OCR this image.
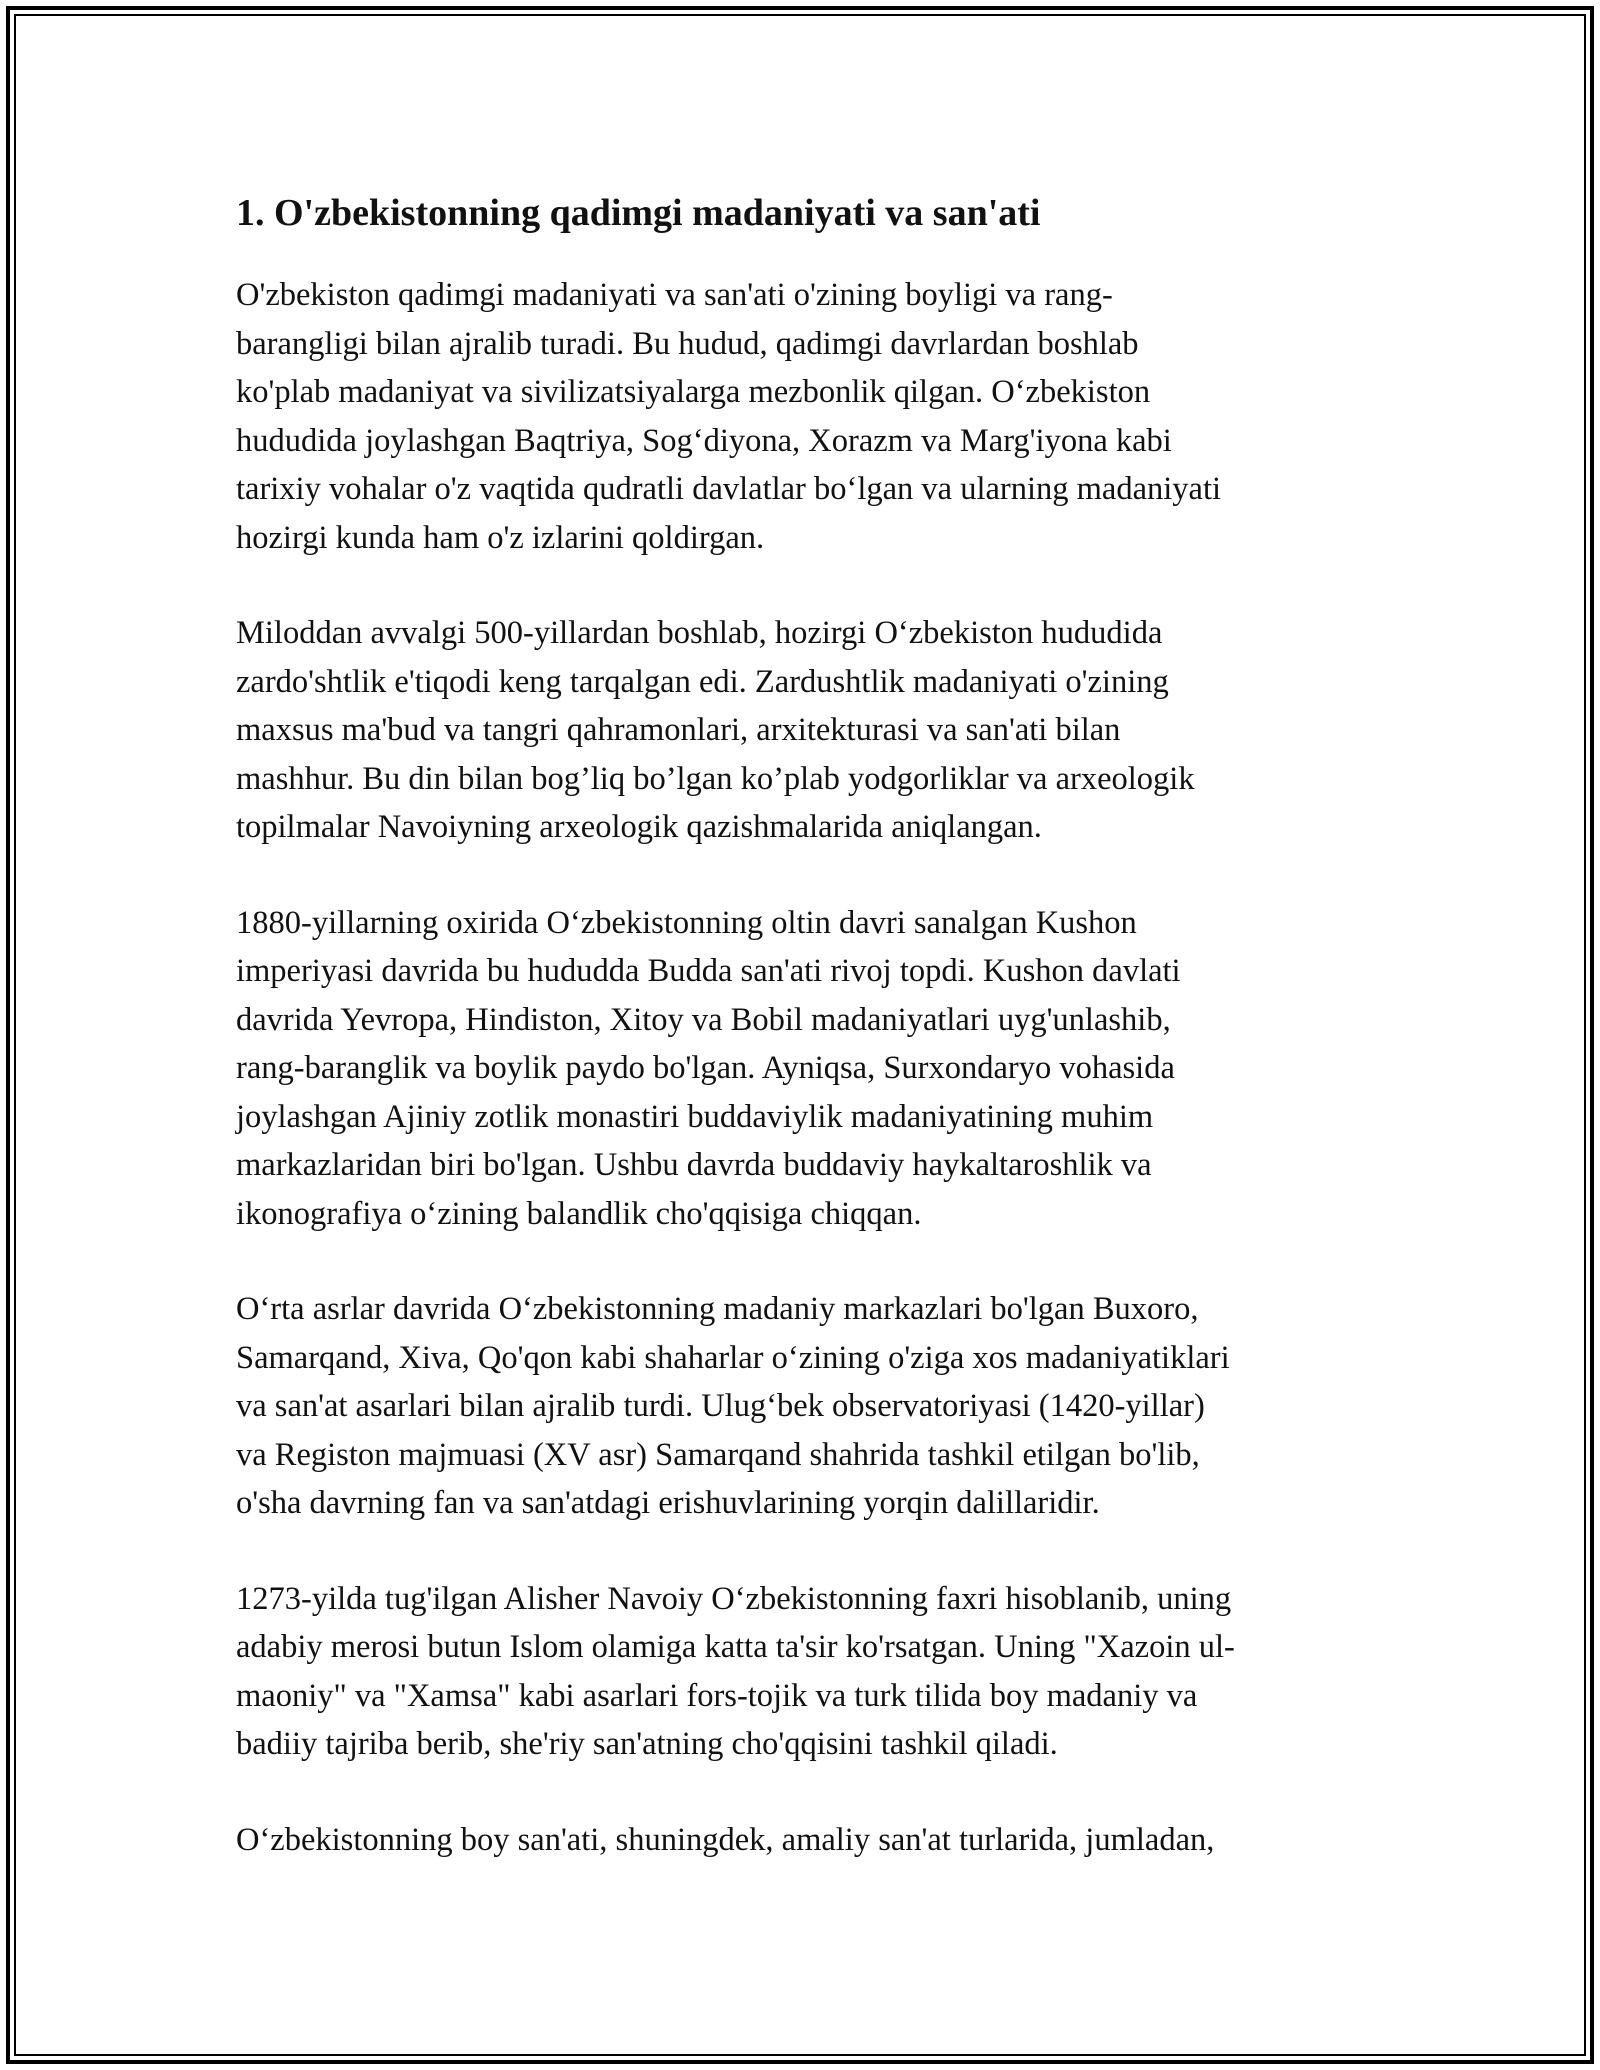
1. O'zbekistonning qadimgi madaniyati va san'ati

O'zbekiston qadimgi madaniyati va san'ati o'zining boyligi va rang-
barangligi bilan ajralib turadi. Bu hudud, qadimgi davrlardan boshlab
ko'plab madaniyat va sivilizatsiyalarga mezbonlik qilgan. O‘zbekiston
hududida joylashgan Baqtriya, Sog‘diyona, Xorazm va Marg'iyona kabi
tarixiy vohalar o'z vaqtida qudratli davlatlar bo‘lgan va ularning madaniyati
hozirgi kunda ham o'z izlarini qoldirgan.

Miloddan avvalgi 500-yillardan boshlab, hozirgi O‘zbekiston hududida
zardo'shtlik e'tiqodi keng tarqalgan edi. Zardushtlik madaniyati o'zining
maxsus ma'bud va tangri qahramonlari, arxitekturasi va san'ati bilan
mashhur. Bu din bilan bog’liq bo’lgan ko’plab yodgorliklar va arxeologik
topilmalar Navoiyning arxeologik qazishmalarida aniqlangan.

1880-yillarning oxirida O‘zbekistonning oltin davri sanalgan Kushon
imperiyasi davrida bu hududda Budda san'ati rivoj topdi. Kushon davlati
davrida Yevropa, Hindiston, Xitoy va Bobil madaniyatlari uyg'unlashib,
rang-baranglik va boylik paydo bo'lgan. Ayniqsa, Surxondaryo vohasida
joylashgan Ajiniy zotlik monastiri buddaviylik madaniyatining muhim
markazlaridan biri bo'lgan. Ushbu davrda buddaviy haykaltaroshlik va
ikonografiya o‘zining balandlik cho'qqisiga chiqqan.

O‘rta asrlar davrida O‘zbekistonning madaniy markazlari bo'lgan Buxoro,
Samarqand, Xiva, Qo'qon kabi shaharlar o‘zining o'ziga xos madaniyatiklari
va san'at asarlari bilan ajralib turdi. Ulug‘bek observatoriyasi (1420-yillar)
va Registon majmuasi (XV asr) Samarqand shahrida tashkil etilgan bo'lib,
o'sha davrning fan va san'atdagi erishuvlarining yorqin dalillaridir.

1273-yilda tug'ilgan Alisher Navoiy O‘zbekistonning faxri hisoblanib, uning
adabiy merosi butun Islom olamiga katta ta'sir ko'rsatgan. Uning "Xazoin ul-
maoniy" va "Xamsa" kabi asarlari fors-tojik va turk tilida boy madaniy va
badiiy tajriba berib, she'riy san'atning cho'qqisini tashkil qiladi.

O‘zbekistonning boy san'ati, shuningdek, amaliy san'at turlarida, jumladan,
